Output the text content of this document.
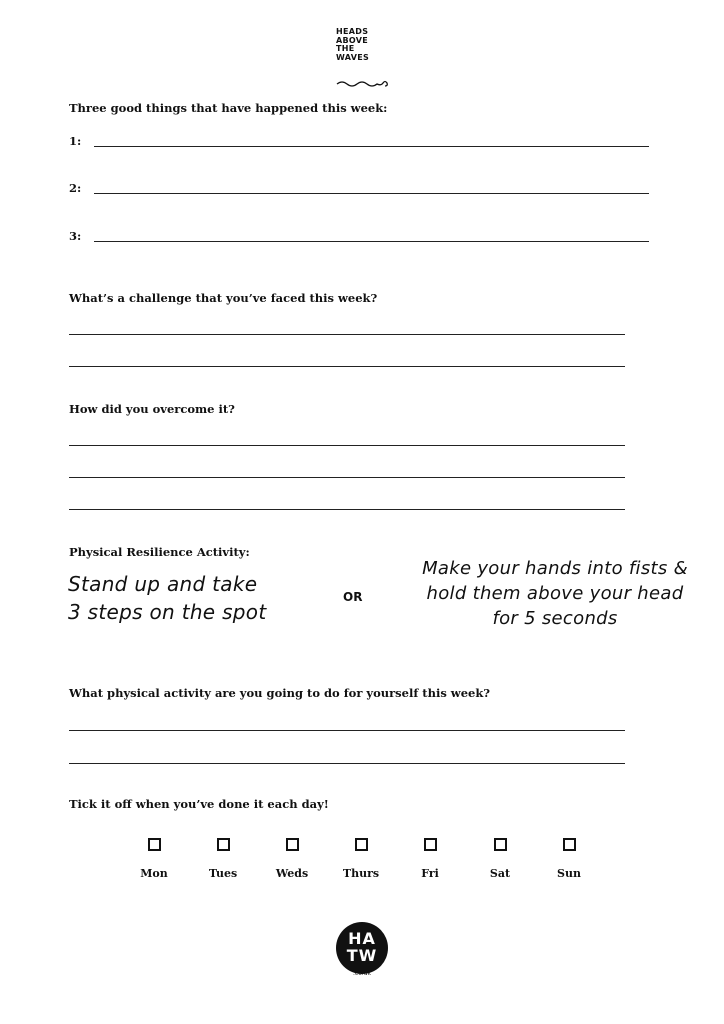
HEADS
ABOVE
THE
WAVES
Three good things that have happened this week:
1:
2:
3:
What’s a challenge that you’ve faced this week?
How did you overcome it?
Physical Resilience Activity:
Stand up and take
3 steps on the spot
OR
Make your hands into fists &
hold them above your head
for 5 seconds
What physical activity are you going to do for yourself this week?
Tick it off when you’ve done it each day!
Mon	Tues	Weds	Thurs	Fri	Sat	Sun
HA
TW
.co.uk
